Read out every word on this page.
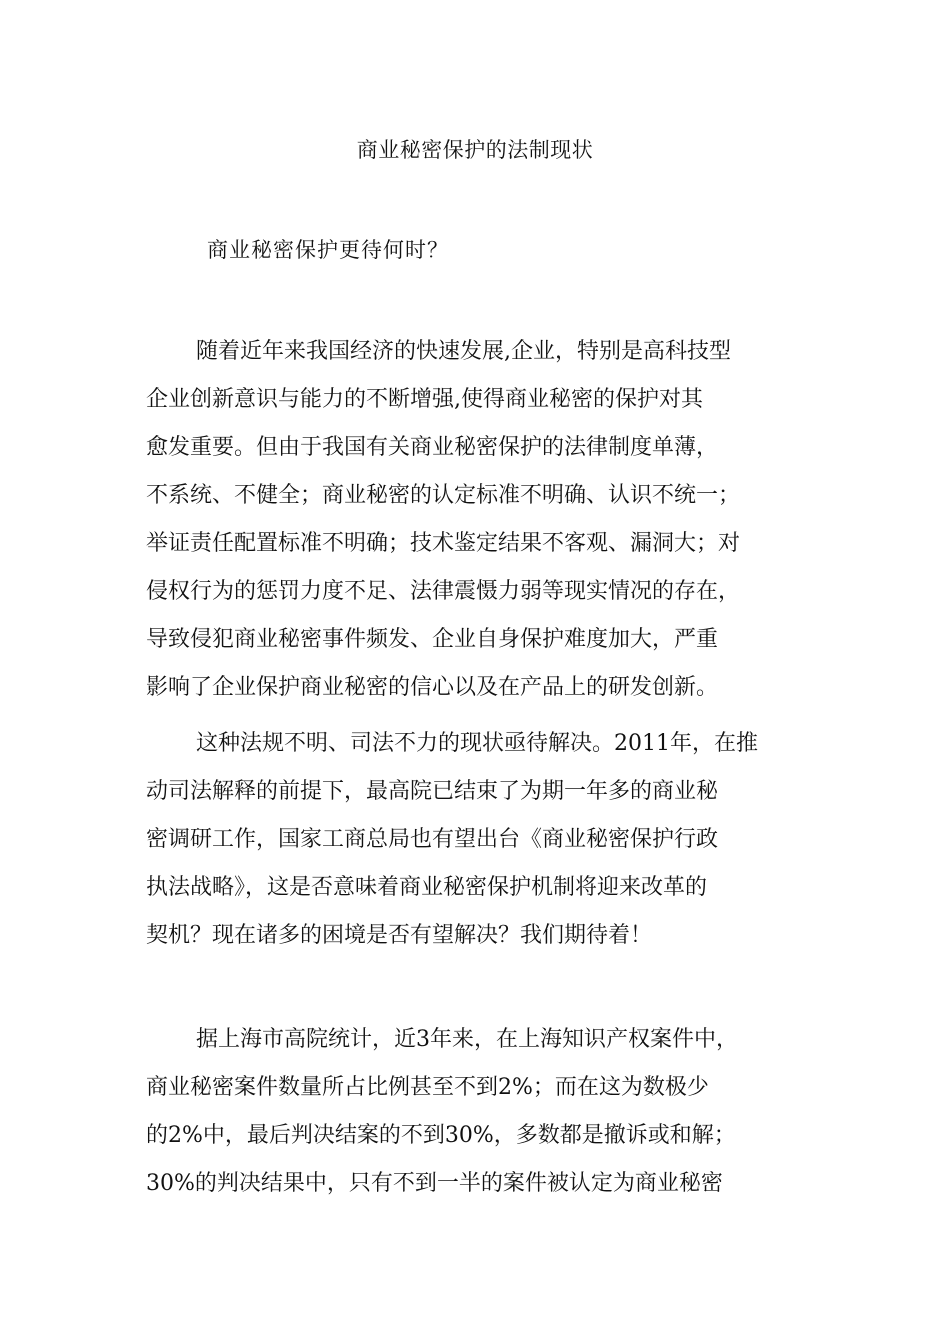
商业秘密保护的法制现状
商业秘密保护更待何时？
随着近年来我国经济的快速发展,企业，特别是高科技型
企业创新意识与能力的不断增强,使得商业秘密的保护对其
愈发重要。但由于我国有关商业秘密保护的法律制度单薄，
不系统、不健全；商业秘密的认定标准不明确、认识不统一；
举证责任配置标准不明确；技术鉴定结果不客观、漏洞大；对
侵权行为的惩罚力度不足、法律震慑力弱等现实情况的存在，
导致侵犯商业秘密事件频发、企业自身保护难度加大，严重
影响了企业保护商业秘密的信心以及在产品上的研发创新。
这种法规不明、司法不力的现状亟待解决。2011年，在推
动司法解释的前提下，最高院已结束了为期一年多的商业秘
密调研工作，国家工商总局也有望出台《商业秘密保护行政
执法战略》，这是否意味着商业秘密保护机制将迎来改革的
契机？现在诸多的困境是否有望解决？我们期待着！
据上海市高院统计，近3年来，在上海知识产权案件中，
商业秘密案件数量所占比例甚至不到2%；而在这为数极少
的2%中，最后判决结案的不到30%，多数都是撤诉或和解；
30%的判决结果中，只有不到一半的案件被认定为商业秘密
